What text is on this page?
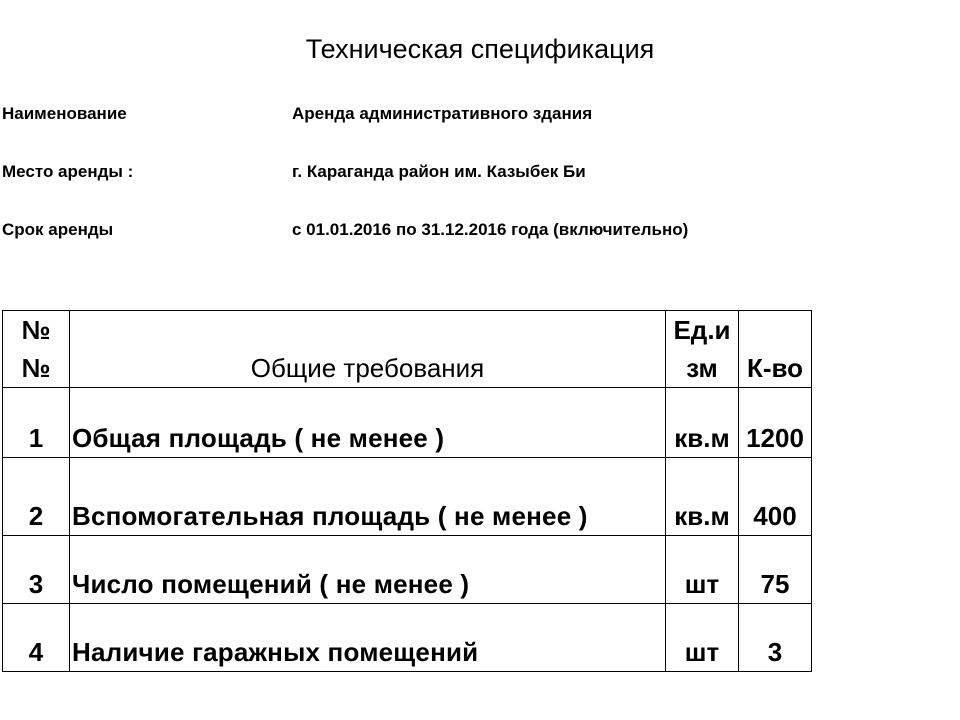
Техническая спецификация
Наименование	Аренда административного здания
Место аренды :	г. Караганда район им. Казыбек Би
Срок аренды	с 01.01.2016 по 31.12.2016 года (включительно)
№ №	Общие требования	Ед.и зм	К-во
1	Общая площадь ( не менее )	кв.м	1200
2	Вспомогательная площадь ( не менее )	кв.м	400
3	Число помещений ( не менее )	шт	75
4	Наличие гаражных помещений	шт	3
